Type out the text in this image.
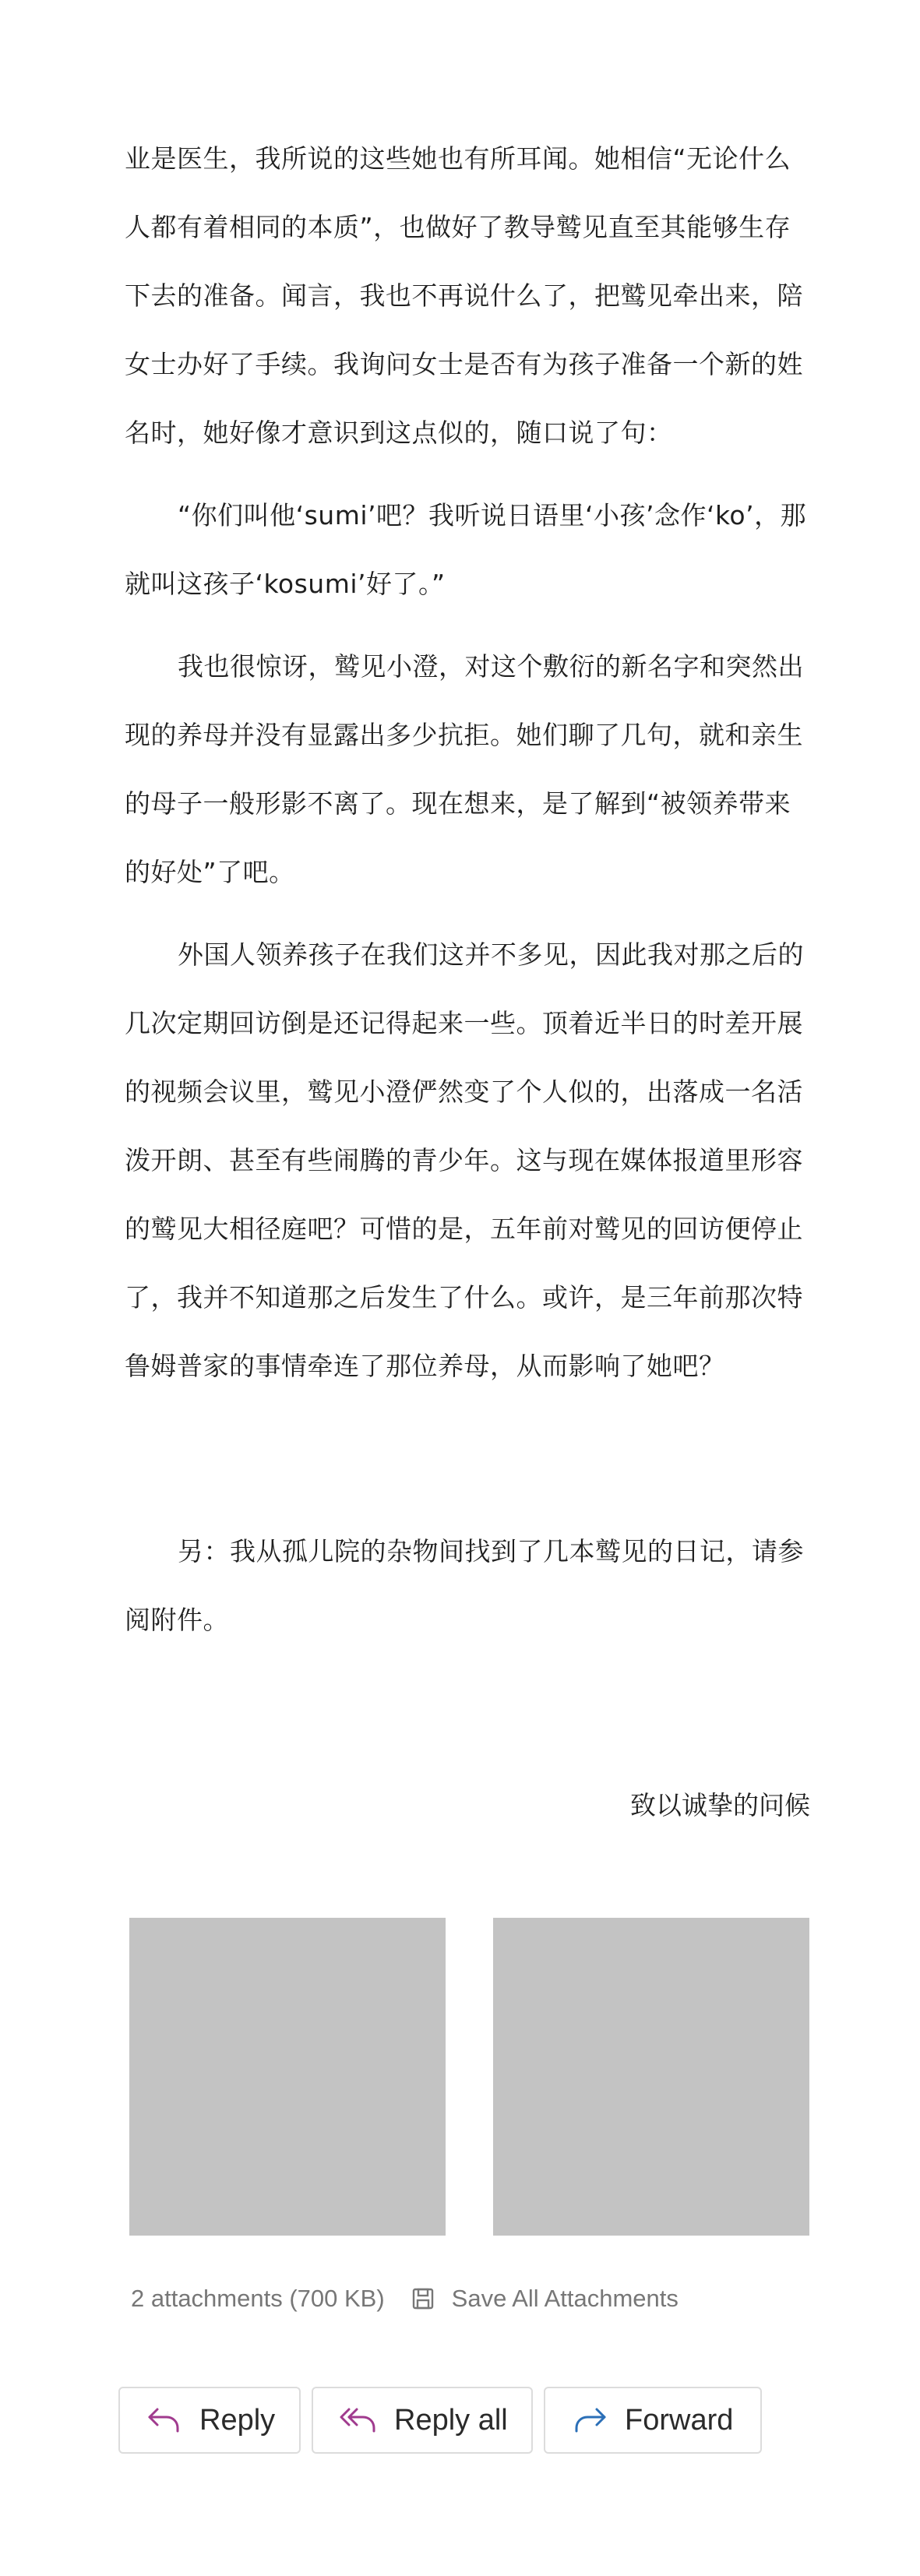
业是医生，我所说的这些她也有所耳闻。她相信“无论什么人都有着相同的本质”，也做好了教导鹫见直至其能够生存下去的准备。闻言，我也不再说什么了，把鹫见牵出来，陪女士办好了手续。我询问女士是否有为孩子准备一个新的姓名时，她好像才意识到这点似的，随口说了句：

“你们叫他‘sumi’吧？我听说日语里‘小孩’念作‘ko’，那就叫这孩子‘kosumi’好了。”

我也很惊讶，鹫见小澄，对这个敷衍的新名字和突然出现的养母并没有显露出多少抗拒。她们聊了几句，就和亲生的母子一般形影不离了。现在想来，是了解到“被领养带来的好处”了吧。

外国人领养孩子在我们这并不多见，因此我对那之后的几次定期回访倒是还记得起来一些。顶着近半日的时差开展的视频会议里，鹫见小澄俨然变了个人似的，出落成一名活泼开朗、甚至有些闹腾的青少年。这与现在媒体报道里形容的鹫见大相径庭吧？可惜的是，五年前对鹫见的回访便停止了，我并不知道那之后发生了什么。或许，是三年前那次特鲁姆普家的事情牵连了那位养母，从而影响了她吧？

另：我从孤儿院的杂物间找到了几本鹫见的日记，请参阅附件。

致以诚挚的问候

2 attachments (700 KB)	Save All Attachments
Reply	Reply all	Forward
